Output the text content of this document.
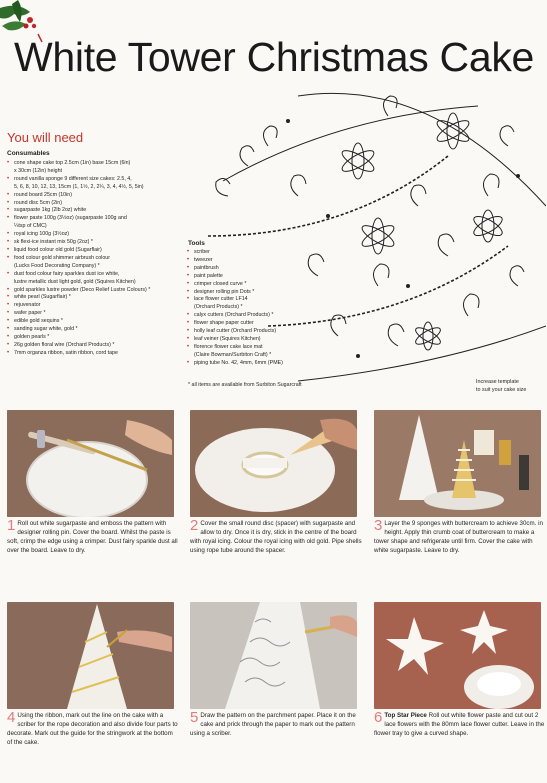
White Tower Christmas Cake
You will need
Consumables
• cone shape cake top 2.5cm (1in) base 15cm (6in)
x 30cm (12in) height
• round vanilla sponge 9 different size cakes: 2.5, 4,
5, 6, 8, 10, 12, 13, 15cm (1, 1½, 2, 2¼, 3, 4, 4½, 5, 5in)
• round board 25cm (10in)
• round disc 5cm (2in)
• sugarpaste 1kg (2lb 2oz) white
• flower paste 100g (3½oz) (sugarpaste 100g and
¼tsp of CMC)
• royal icing 100g (3½oz)
• sk flexi-ice instant mix 50g (2oz) *
• liquid food colour old gold (Sugarflair)
• food colour gold shimmer airbrush colour
(Lucks Food Decorating Company) *
• dust food colour fairy sparkles dust ice white,
lustre metallic dust light gold, gold (Squires Kitchen)
• gold sparkles lustre powder (Deco Relief Lustre Colours) *
• white pearl (Sugarflair) *
• rejuvenator
• wafer paper *
• edible gold sequins *
• sanding sugar white, gold *
• golden pearls *
• 26g golden floral wire (Orchard Products) *
• 7mm organza ribbon, satin ribbon, cord tape
Tools
• scriber
• tweezer
• paintbrush
• paint palette
• crimper closed curve *
• designer rolling pin Dots *
• lace flower cutter LF14
(Orchard Products) *
• calyx cutters (Orchard Products) *
• flower shape paper cutter
• holly leaf cutter (Orchard Products)
• leaf veiner (Squires Kitchen)
• florence flower cake lace mat
(Claire Bowman/Surbiton Craft) *
• piping tube No. 42, 4mm, 6mm (PME)
* all items are available from Surbiton Sugarcraft	Increase template
to suit your cake size
1 Roll out white sugarpaste and emboss the pattern with designer rolling pin. Cover the board. Whilst the paste is soft, crimp the edge using a crimper. Dust fairy sparkle dust all over the board. Leave to dry.
2 Cover the small round disc (spacer) with sugarpaste and allow to dry. Once it is dry, stick in the centre of the board with royal icing. Colour the royal icing with old gold. Pipe shells using rope tube around the spacer.
3 Layer the 9 sponges with buttercream to achieve 30cm. in height. Apply thin crumb coat of buttercream to make a tower shape and refrigerate until firm. Cover the cake with white sugarpaste. Leave to dry.
4 Using the ribbon, mark out the line on the cake with a scriber for the rope decoration and also divide four parts to decorate. Mark out the guide for the stringwork at the bottom of the cake.
5 Draw the pattern on the parchment paper. Place it on the cake and prick through the paper to mark out the pattern using a scriber.
6 Top Star Piece Roll out white flower paste and cut out 2 lace flowers with the 80mm lace flower cutter. Leave in the flower tray to give a curved shape.
